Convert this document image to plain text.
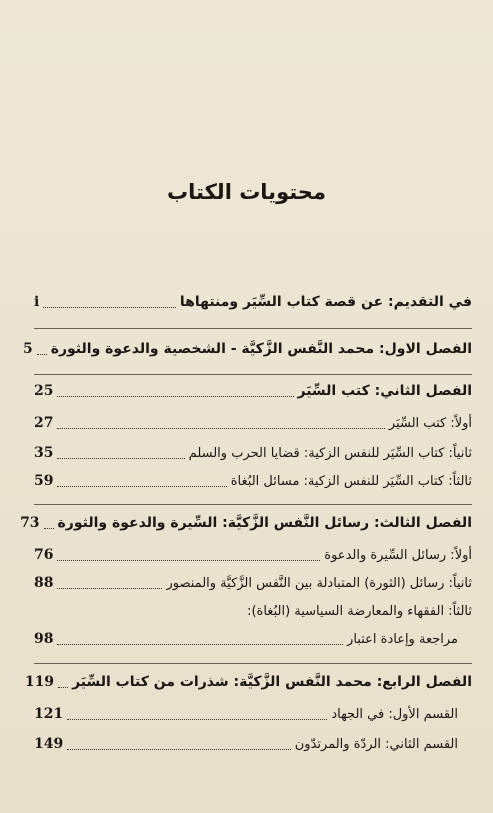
محتويات الكتاب
في التقديم: عن قصة كتاب السِّيَر ومنتهاها
i
الفصل الاول: محمد النَّفس الزَّكيَّة - الشخصية والدعوة والثورة
5
الفصل الثاني: كتب السِّيَر
25
أولاً: كتب السِّيَر
27
ثانياً: كتاب السِّيَر للنفس الزكية: قضايا الحرب والسلم
35
ثالثاً: كتاب السِّيَر للنفس الزكية: مسائل البُغاة
59
الفصل الثالث: رسائل النَّفس الزَّكيَّة: السِّيرة والدعوة والثورة
73
أولاً: رسائل السِّيرة والدعوة
76
ثانياً: رسائل (الثورة) المتبادلة بين النَّفس الزَّكيَّة والمنصور
88
ثالثاً: الفقهاء والمعارضة السياسية (البُغاة):
مراجعة وإعادة اعتبار
98
الفصل الرابع: محمد النَّفس الزَّكيَّة: شذرات من كتاب السِّيَر
119
القسم الأول: في الجهاد
121
القسم الثاني: الردّة والمرتدّون
149
